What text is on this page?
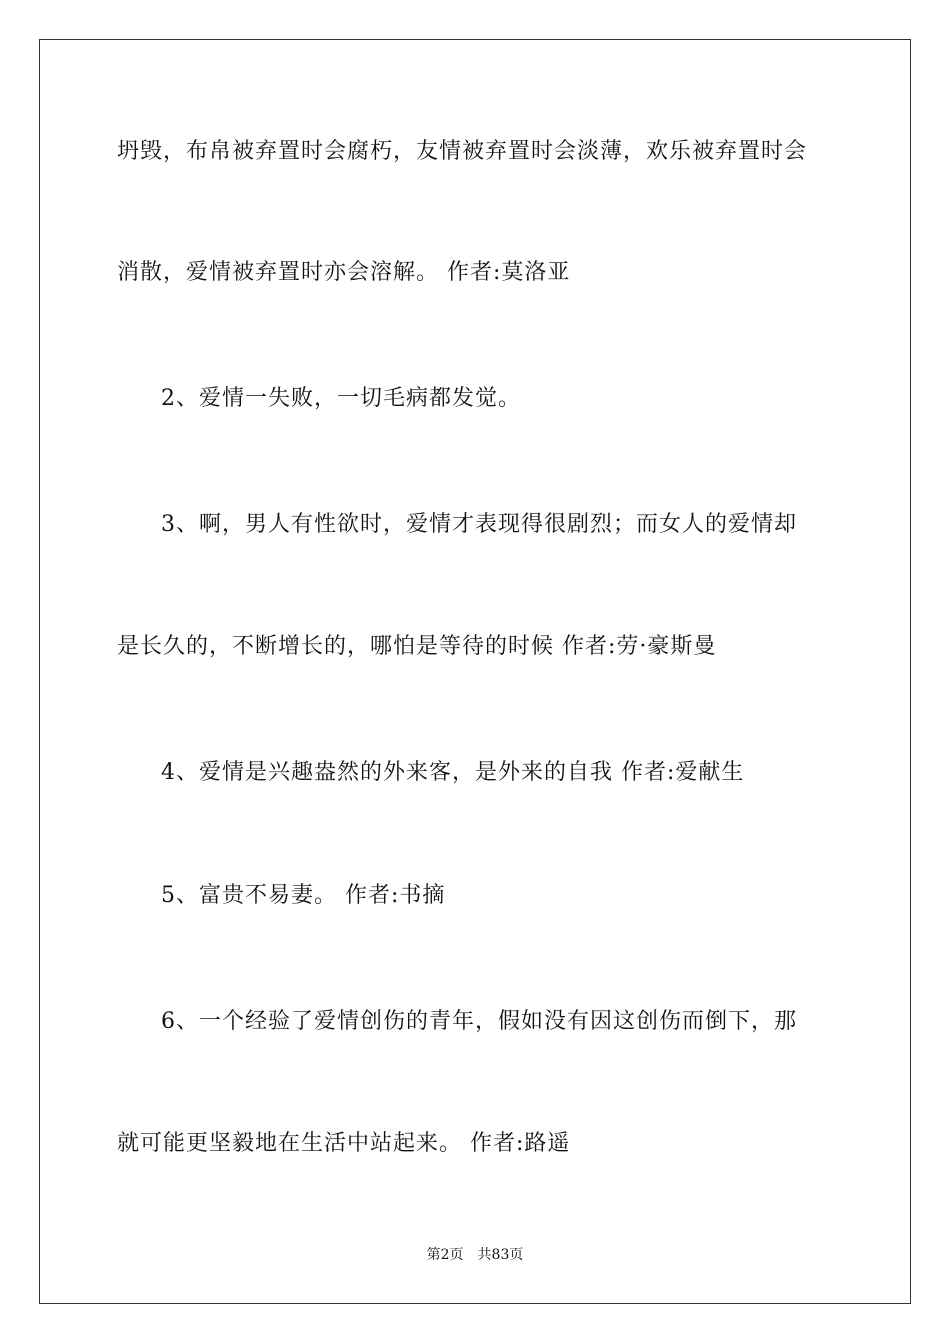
坍毁，布帛被弃置时会腐朽，友情被弃置时会淡薄，欢乐被弃置时会
消散，爱情被弃置时亦会溶解。 作者:莫洛亚
2、爱情一失败，一切毛病都发觉。
3、啊，男人有性欲时，爱情才表现得很剧烈；而女人的爱情却
是长久的，不断增长的，哪怕是等待的时候 作者:劳·豪斯曼
4、爱情是兴趣盎然的外来客，是外来的自我 作者:爱献生
5、富贵不易妻。 作者:书摘
6、一个经验了爱情创伤的青年，假如没有因这创伤而倒下，那
就可能更坚毅地在生活中站起来。 作者:路遥
第2页　共83页
